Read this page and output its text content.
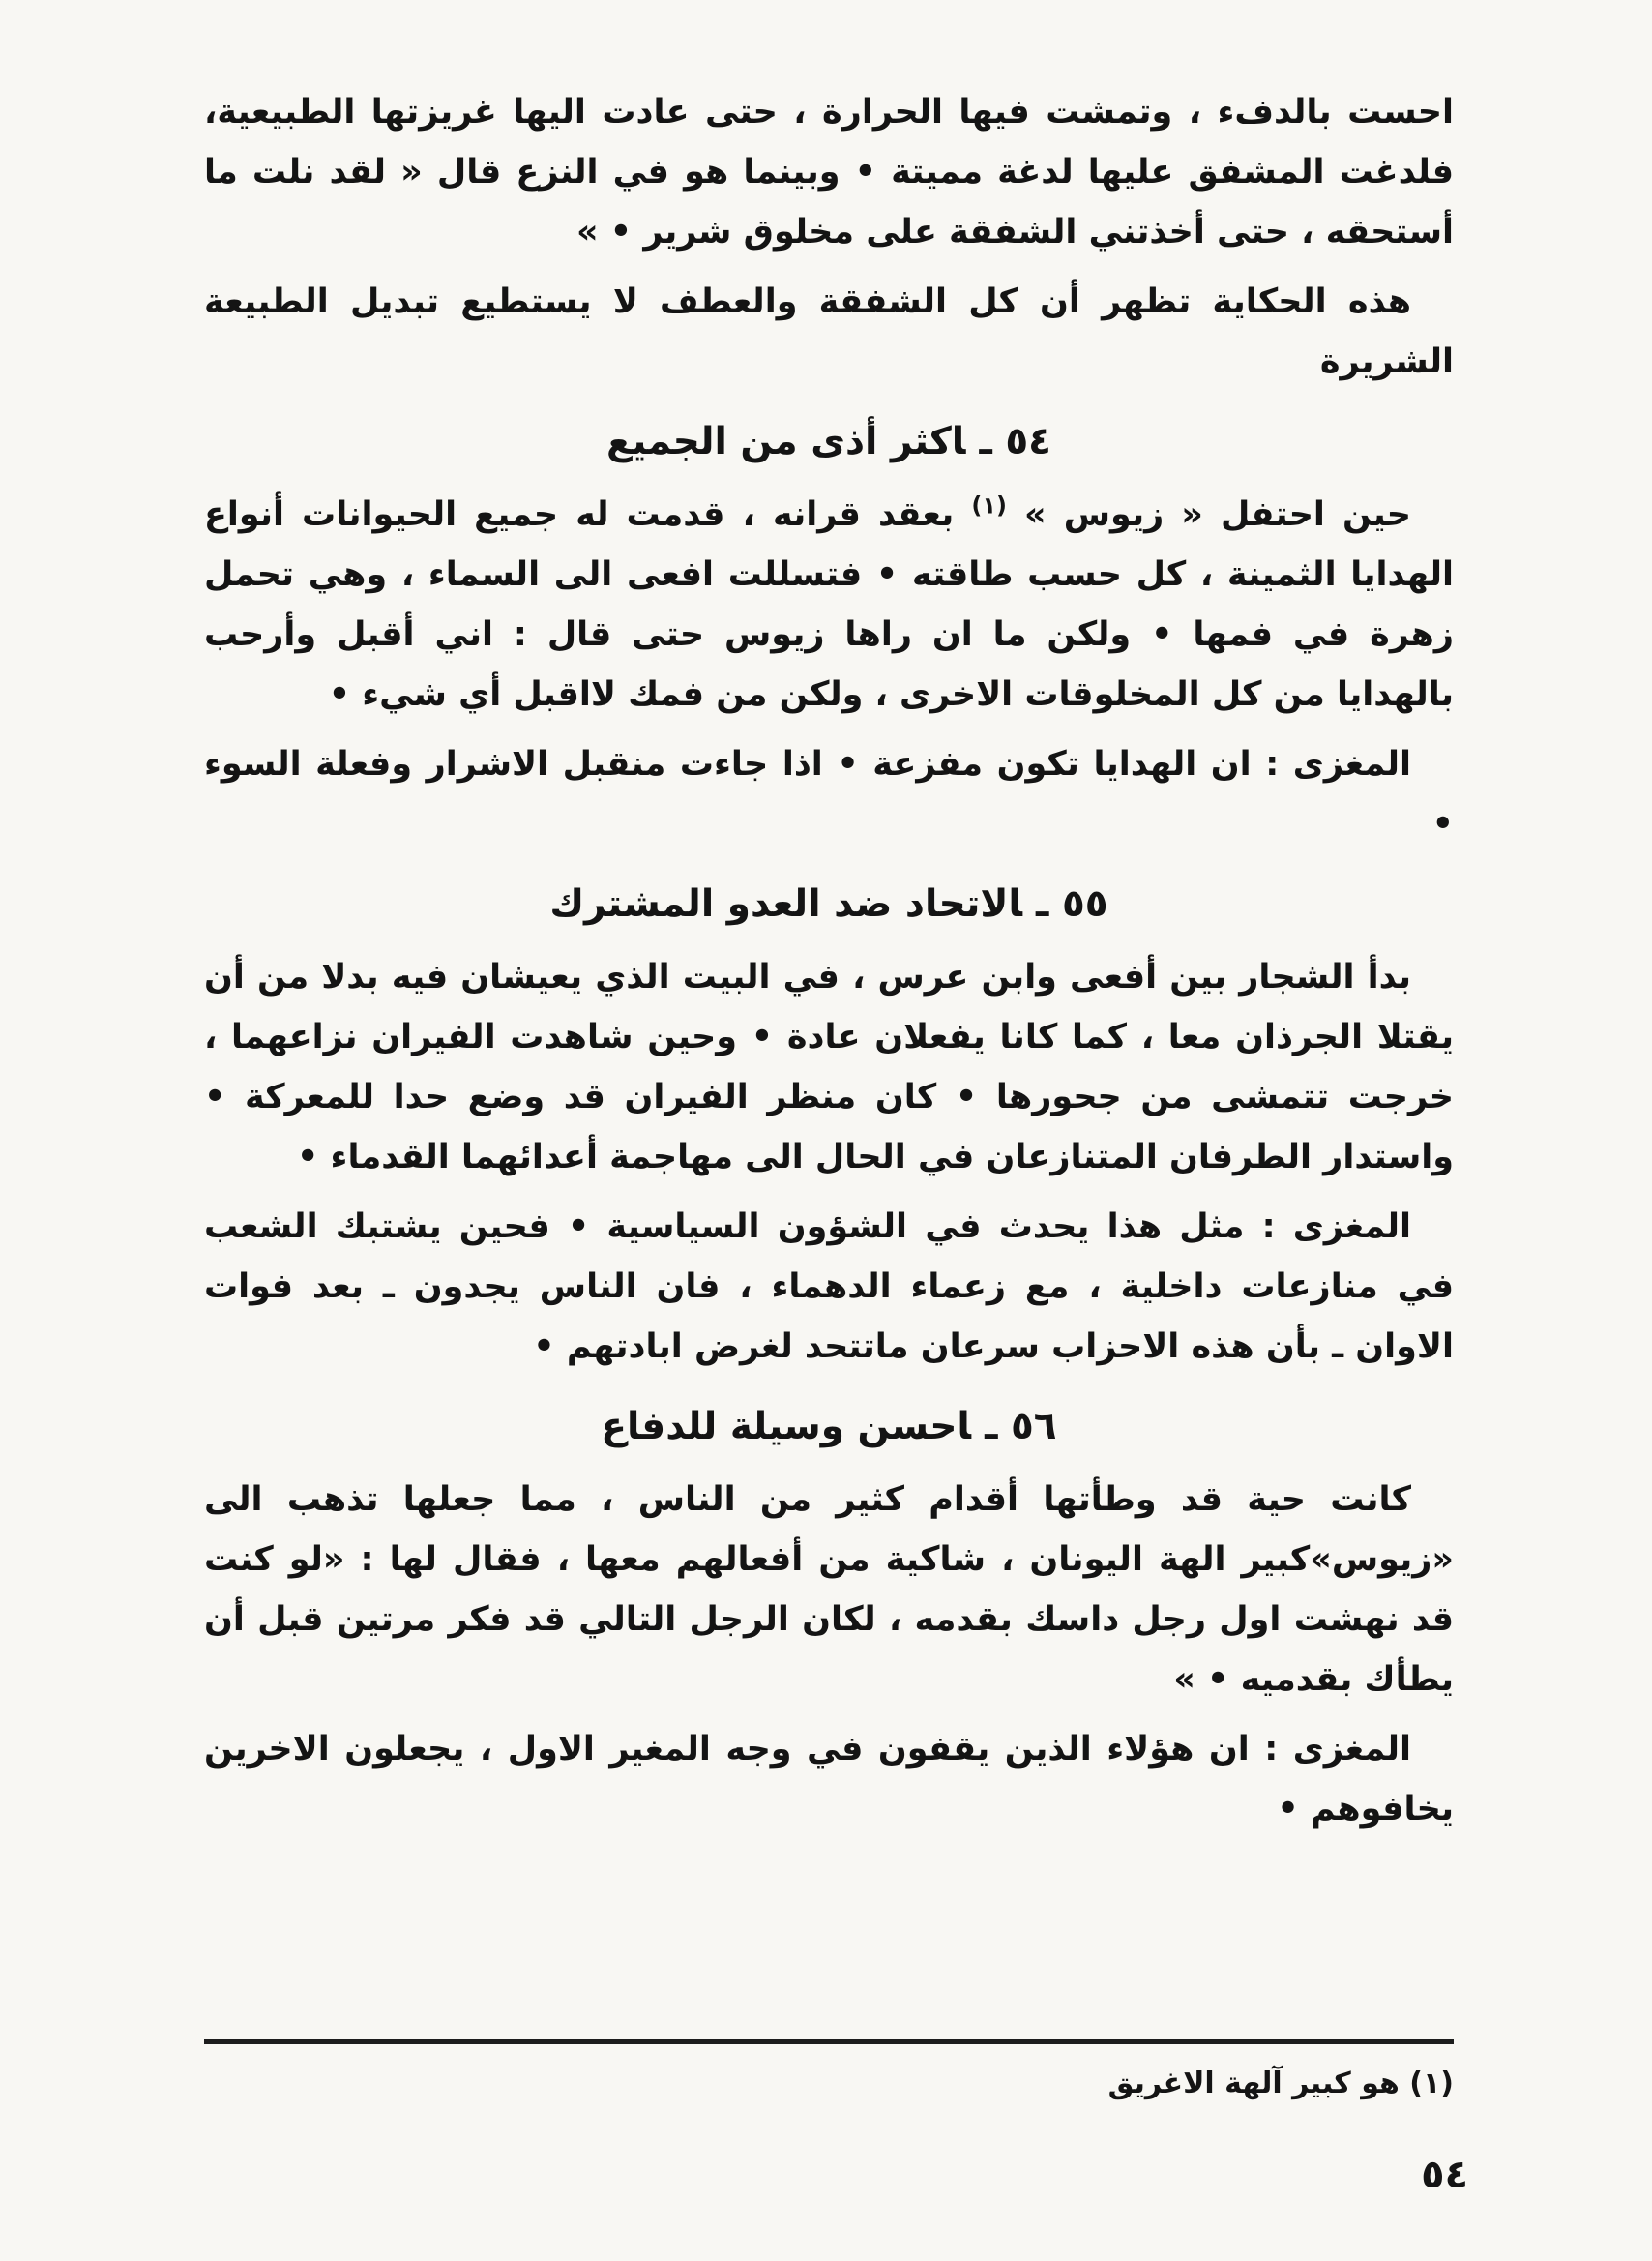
احست بالدفء ، وتمشت فيها الحرارة ، حتى عادت اليها غريزتها الطبيعية، فلدغت المشفق عليها لدغة مميتة • وبينما هو في النزع قال « لقد نلت ما أستحقه ، حتى أخذتني الشفقة على مخلوق شرير • »

هذه الحكاية تظهر أن كل الشفقة والعطف لا يستطيع تبديل الطبيعة الشريرة

٥٤ ـاكثر أذى من الجميع

حين احتفل « زيوس » $^{(١)}$ بعقد قرانه ، قدمت له جميع الحيوانات أنواع الهدايا الثمينة ، كل حسب طاقته • فتسللت افعى الى السماء ، وهي تحمل زهرة في فمها • ولكن ما ان راها زيوس حتى قال : اني أقبل وأرحب بالهدايا من كل المخلوقات الاخرى ، ولكن من فمك لااقبل أي شيء •

المغزى : ان الهدايا تكون مفزعة • اذا جاءت منقبل الاشرار وفعلة السوء •

٥٥ ـالاتحاد ضد العدو المشترك

بدأ الشجار بين أفعى وابن عرس ، في البيت الذي يعيشان فيه بدلا من أن يقتلا الجرذان معا ، كما كانا يفعلان عادة • وحين شاهدت الفيران نزاعهما ، خرجت تتمشى من جحورها • كان منظر الفيران قد وضع حدا للمعركة • واستدار الطرفان المتنازعان في الحال الى مهاجمة أعدائهما القدماء •

المغزى : مثل هذا يحدث في الشؤون السياسية • فحين يشتبك الشعب في منازعات داخلية ، مع زعماء الدهماء ، فان الناس يجدون ـ بعد فوات الاوان ـ بأن هذه الاحزاب سرعان ماتتحد لغرض ابادتهم •

٥٦ ـاحسن وسيلة للدفاع

كانت حية قد وطأتها أقدام كثير من الناس ، مما جعلها تذهب الى «زيوس»كبير الهة اليونان ، شاكية من أفعالهم معها ، فقال لها : «لو كنت قد نهشت اول رجل داسك بقدمه ، لكان الرجل التالي قد فكر مرتين قبل أن يطأك بقدميه • »

المغزى : ان هؤلاء الذين يقفون في وجه المغير الاول ، يجعلون الاخرين يخافوهم •

(١) هو كبير آلهة الاغريق
٥٤
